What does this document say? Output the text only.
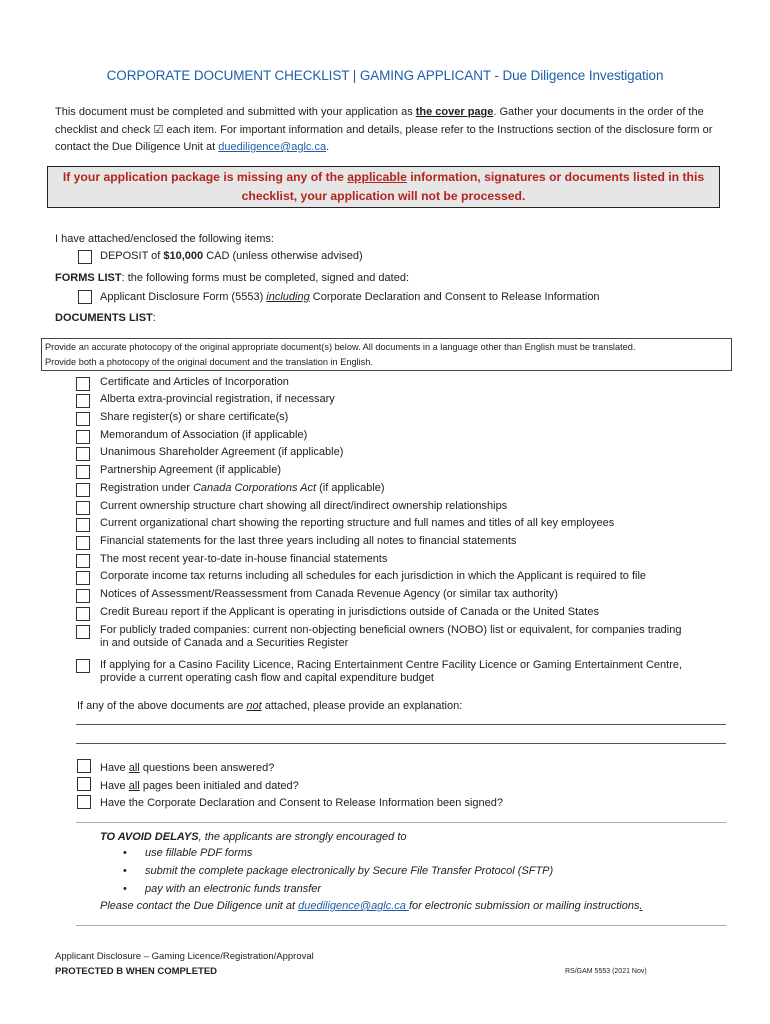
CORPORATE DOCUMENT CHECKLIST | GAMING APPLICANT - Due Diligence Investigation
This document must be completed and submitted with your application as the cover page. Gather your documents in the order of the checklist and check ☑ each item. For important information and details, please refer to the Instructions section of the disclosure form or contact the Due Diligence Unit at duediligence@aglc.ca.
If your application package is missing any of the applicable information, signatures or documents listed in this
checklist, your application will not be processed.
I have attached/enclosed the following items:
DEPOSIT of $10,000 CAD (unless otherwise advised)
FORMS LIST: the following forms must be completed, signed and dated:
Applicant Disclosure Form (5553) including Corporate Declaration and Consent to Release Information
DOCUMENTS LIST:
Provide an accurate photocopy of the original appropriate document(s) below. All documents in a language other than English must be translated.
Provide both a photocopy of the original document and the translation in English.
Certificate and Articles of Incorporation
Alberta extra-provincial registration, if necessary
Share register(s) or share certificate(s)
Memorandum of Association (if applicable)
Unanimous Shareholder Agreement (if applicable)
Partnership Agreement (if applicable)
Registration under Canada Corporations Act (if applicable)
Current ownership structure chart showing all direct/indirect ownership relationships
Current organizational chart showing the reporting structure and full names and titles of all key employees
Financial statements for the last three years including all notes to financial statements
The most recent year-to-date in-house financial statements
Corporate income tax returns including all schedules for each jurisdiction in which the Applicant is required to file
Notices of Assessment/Reassessment from Canada Revenue Agency (or similar tax authority)
Credit Bureau report if the Applicant is operating in jurisdictions outside of Canada or the United States
For publicly traded companies: current non-objecting beneficial owners (NOBO) list or equivalent, for companies trading
in and outside of Canada and a Securities Register
If applying for a Casino Facility Licence, Racing Entertainment Centre Facility Licence or Gaming Entertainment Centre,
provide a current operating cash flow and capital expenditure budget
If any of the above documents are not attached, please provide an explanation:
Have all questions been answered?
Have all pages been initialed and dated?
Have the Corporate Declaration and Consent to Release Information been signed?
TO AVOID DELAYS, the applicants are strongly encouraged to
• use fillable PDF forms
• submit the complete package electronically by Secure File Transfer Protocol (SFTP)
• pay with an electronic funds transfer
Please contact the Due Diligence unit at duediligence@aglc.ca for electronic submission or mailing instructions.
Applicant Disclosure – Gaming Licence/Registration/Approval
PROTECTED B WHEN COMPLETED	RS/GAM 5553 (2021 Nov)
